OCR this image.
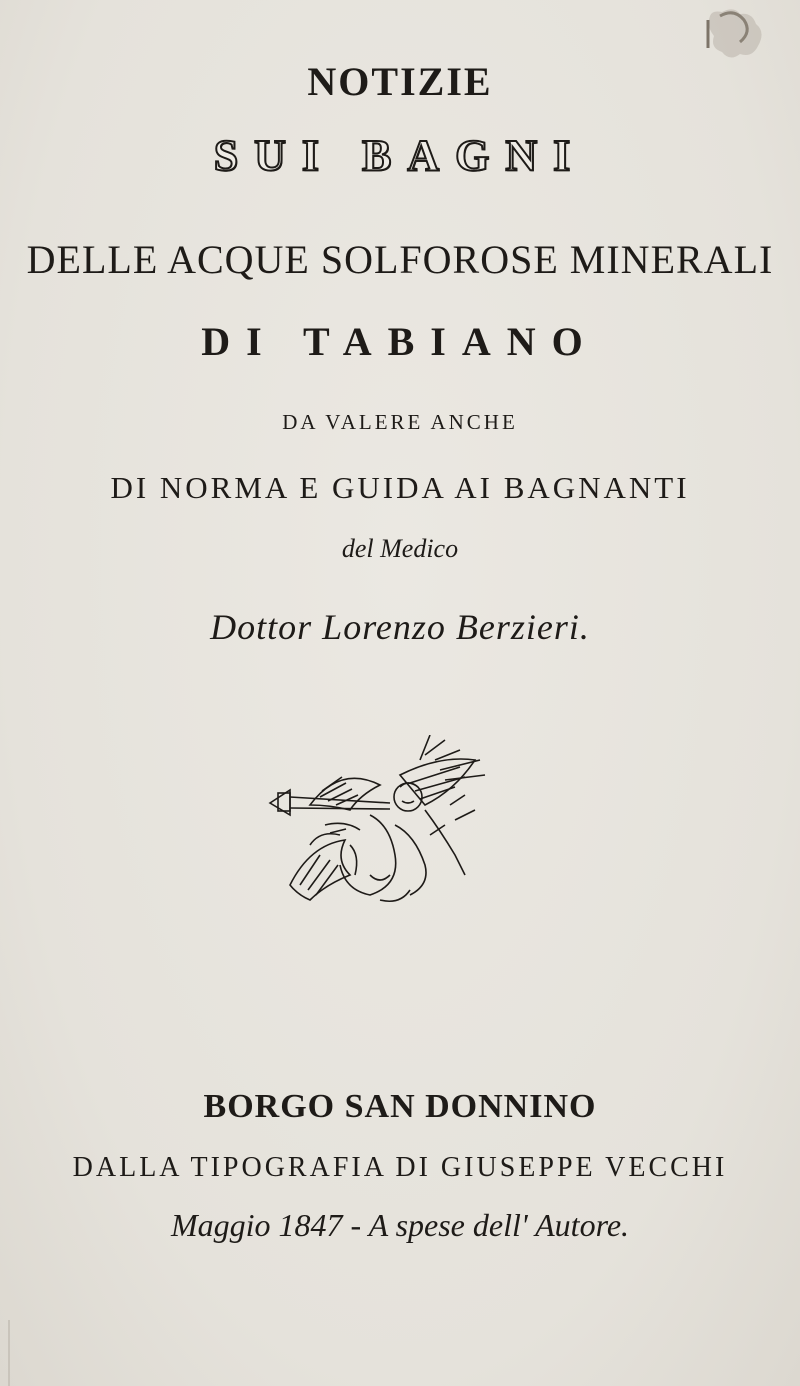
NOTIZIE
SUI BAGNI
DELLE ACQUE SOLFOROSE MINERALI
DI TABIANO
DA VALERE ANCHE
DI NORMA E GUIDA AI BAGNANTI
del Medico
Dottor Lorenzo Berzieri.
BORGO SAN DONNINO
DALLA TIPOGRAFIA DI GIUSEPPE VECCHI
Maggio 1847 - A spese dell' Autore.
